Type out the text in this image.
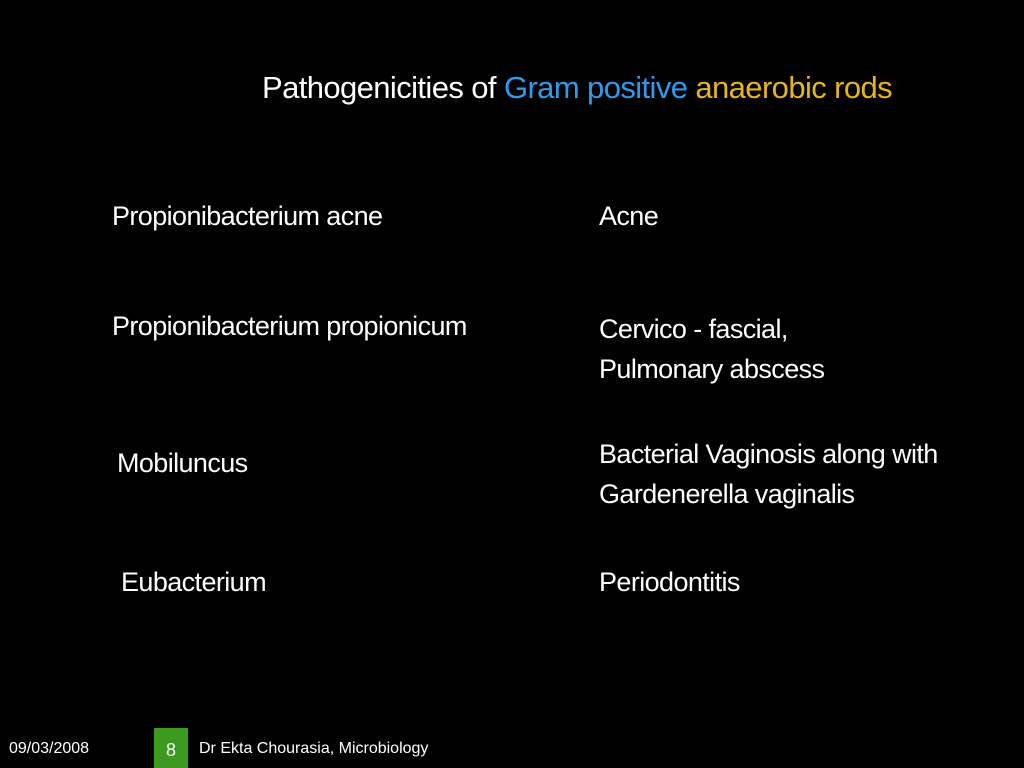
Pathogenicities of Gram positive anaerobic rods
Propionibacterium acne	Acne
Propionibacterium propionicum	Cervico - fascial,
Pulmonary abscess
Mobiluncus	Bacterial Vaginosis along with
Gardenerella vaginalis
Eubacterium	Periodontitis
09/03/2008	8	Dr Ekta Chourasia, Microbiology
